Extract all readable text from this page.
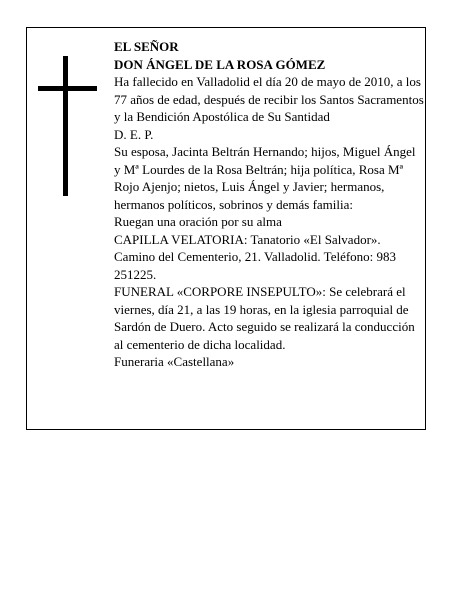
EL SEÑOR

DON ÁNGEL DE LA ROSA GÓMEZ

Ha fallecido en Valladolid el día 20 de mayo de 2010, a los 77 años de edad, después de recibir los Santos Sacramentos y la Bendición Apostólica de Su Santidad

D. E. P.

Su esposa, Jacinta Beltrán Hernando; hijos, Miguel Ángel y Mª Lourdes de la Rosa Beltrán; hija política, Rosa Mª Rojo Ajenjo; nietos, Luis Ángel y Javier; hermanos, hermanos políticos, sobrinos y demás familia:

Ruegan una oración por su alma

CAPILLA VELATORIA: Tanatorio «El Salvador». Camino del Cementerio, 21. Valladolid. Teléfono: 983 251225.

FUNERAL «CORPORE INSEPULTO»: Se celebrará el viernes, día 21, a las 19 horas, en la iglesia parroquial de Sardón de Duero. Acto seguido se realizará la conducción al cementerio de dicha localidad.

Funeraria «Castellana»
